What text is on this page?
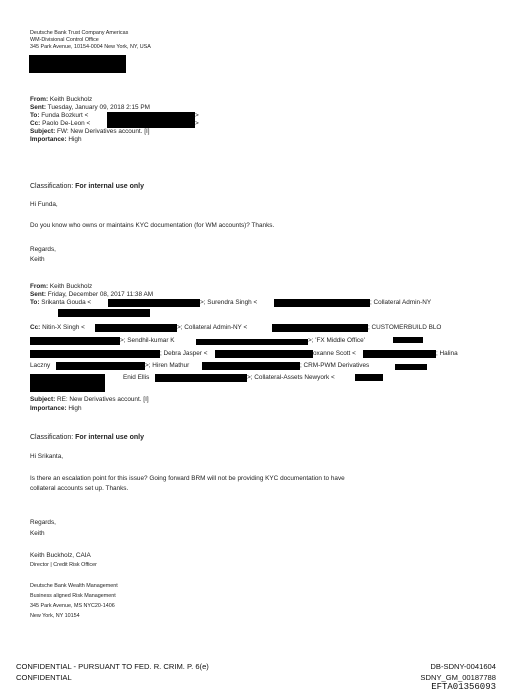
Deutsche Bank Trust Company Americas
WM-Divisional Control Office
345 Park Avenue, 10154-0004 New York, NY, USA
From: Keith Buckholz
Sent: Tuesday, January 09, 2018 2:15 PM
To: Funda Bozkurt <	>
Cc: Paolo De-Leon <	>
Subject: FW: New Derivatives account. [I]
Importance: High
Classification: For internal use only
Hi Funda,
Do you know who owns or maintains KYC documentation (for WM accounts)? Thanks.
Regards,
Keith
From: Keith Buckholz
Sent: Friday, December 08, 2017 11:38 AM
To: Srikanta Gouda <	>; Surendra Singh <	; Collateral Admin-NY
Cc: Nitin-X Singh <	>; Collateral Admin-NY <	; CUSTOMERBUILD BLO
>; Sendhil-kumar K	>; 'FX Middle Office'
; Debra Jasper <	oxanne Scott <	; Halina
Laczny	>; Hiren Mathur	; CRM-PWM Derivatives
Enid Ellis	>; Collateral-Assets Newyork <
Subject: RE: New Derivatives account. [I]
Importance: High
Classification: For internal use only
Hi Srikanta,
Is there an escalation point for this issue? Going forward BRM will not be providing KYC documentation to have
collateral accounts set up. Thanks.
Regards,
Keith
Keith Buckholz, CAIA
Director | Credit Risk Officer
Deutsche Bank Wealth Management
Business aligned Risk Management
345 Park Avenue, MS NYC20-1406
New York, NY 10154
CONFIDENTIAL - PURSUANT TO FED. R. CRIM. P. 6(e)
CONFIDENTIAL
DB-SDNY-0041604
SDNY_GM_00187788
EFTA01356093
